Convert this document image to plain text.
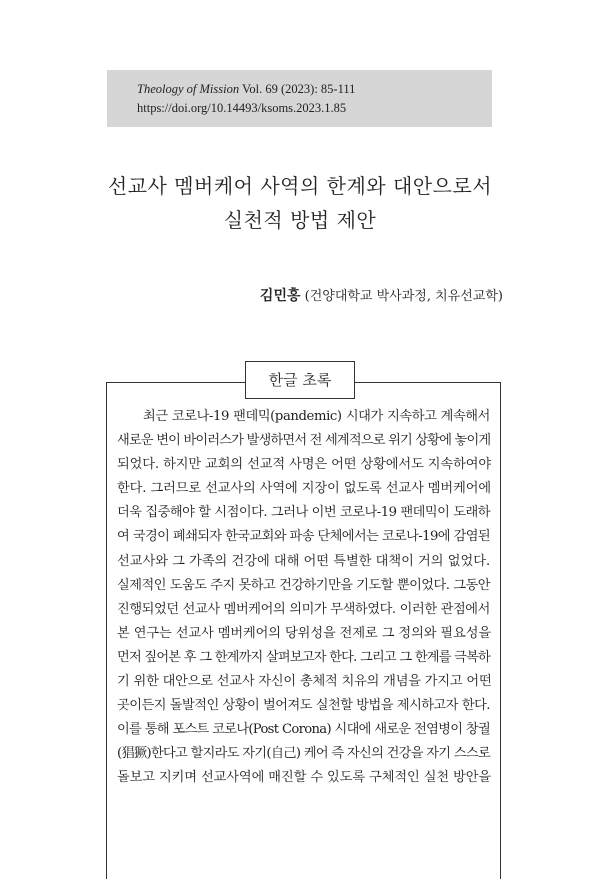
Theology of Mission Vol. 69 (2023): 85-111
https://doi.org/10.14493/ksoms.2023.1.85
선교사 멤버케어 사역의 한계와 대안으로서
실천적 방법 제안
김민홍 (건양대학교 박사과정, 치유선교학)
한글 초록
최근 코로나-19 팬데믹(pandemic) 시대가 지속하고 계속해서
새로운 변이 바이러스가 발생하면서 전 세계적으로 위기 상황에 놓이게
되었다. 하지만 교회의 선교적 사명은 어떤 상황에서도 지속하여야
한다. 그러므로 선교사의 사역에 지장이 없도록 선교사 멤버케어에
더욱 집중해야 할 시점이다. 그러나 이번 코로나-19 팬데믹이 도래하
여 국경이 폐쇄되자 한국교회와 파송 단체에서는 코로나-19에 감염된
선교사와 그 가족의 건강에 대해 어떤 특별한 대책이 거의 없었다.
실제적인 도움도 주지 못하고 건강하기만을 기도할 뿐이었다. 그동안
진행되었던 선교사 멤버케어의 의미가 무색하였다. 이러한 관점에서
본 연구는 선교사 멤버케어의 당위성을 전제로 그 정의와 필요성을
먼저 짚어본 후 그 한계까지 살펴보고자 한다. 그리고 그 한계를 극복하
기 위한 대안으로 선교사 자신이 총체적 치유의 개념을 가지고 어떤
곳이든지 돌발적인 상황이 벌어져도 실천할 방법을 제시하고자 한다.
이를 통해 포스트 코로나(Post Corona) 시대에 새로운 전염병이 창궐
(猖獗)한다고 할지라도 자기(自己) 케어 즉 자신의 건강을 자기 스스로
돌보고 지키며 선교사역에 매진할 수 있도록 구체적인 실천 방안을
